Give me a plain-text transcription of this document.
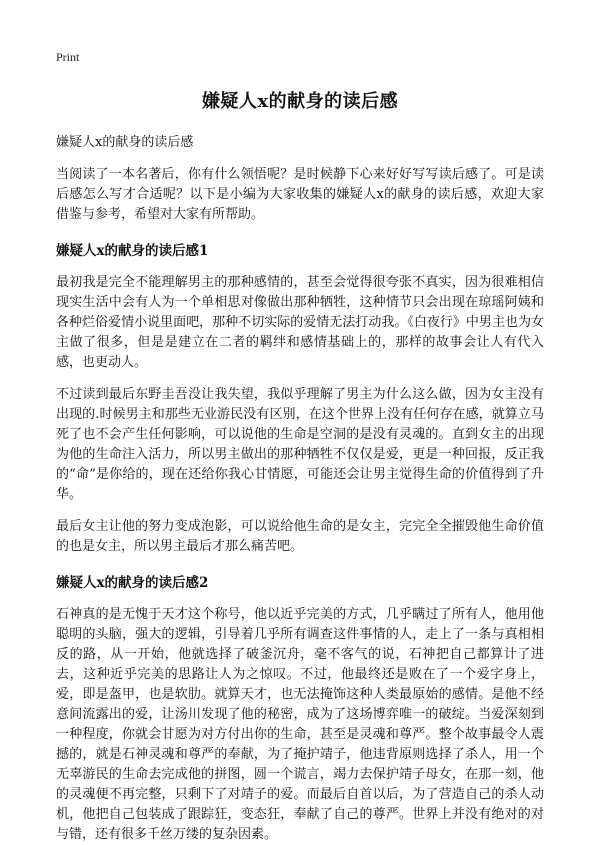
Print
嫌疑人x的献身的读后感
嫌疑人x的献身的读后感

当阅读了一本名著后，你有什么领悟呢？是时候静下心来好好写写读后感了。可是读后感怎么写才合适呢？以下是小编为大家收集的嫌疑人x的献身的读后感，欢迎大家借鉴与参考，希望对大家有所帮助。

嫌疑人x的献身的读后感1

最初我是完全不能理解男主的那种感情的，甚至会觉得很夸张不真实，因为很难相信现实生活中会有人为一个单相思对像做出那种牺牲，这种情节只会出现在琼瑶阿姨和各种烂俗爱情小说里面吧，那种不切实际的爱情无法打动我。《白夜行》中男主也为女主做了很多，但是是建立在二者的羁绊和感情基础上的，那样的故事会让人有代入感，也更动人。

不过读到最后东野圭吾没让我失望，我似乎理解了男主为什么这么做，因为女主没有出现的.时候男主和那些无业游民没有区别，在这个世界上没有任何存在感，就算立马死了也不会产生任何影响，可以说他的生命是空洞的是没有灵魂的。直到女主的出现为他的生命注入活力，所以男主做出的那种牺牲不仅仅是爱，更是一种回报，反正我的“命”是你给的，现在还给你我心甘情愿，可能还会让男主觉得生命的价值得到了升华。

最后女主让他的努力变成泡影，可以说给他生命的是女主，完完全全摧毁他生命价值的也是女主，所以男主最后才那么痛苦吧。

嫌疑人x的献身的读后感2

石神真的是无愧于天才这个称号，他以近乎完美的方式，几乎瞒过了所有人，他用他聪明的头脑，强大的逻辑，引导着几乎所有调查这件事情的人，走上了一条与真相相反的路，从一开始，他就选择了破釜沉舟，毫不客气的说，石神把自己都算计了进去，这种近乎完美的思路让人为之惊叹。不过，他最终还是败在了一个爱字身上，爱，即是盔甲，也是软肋。就算天才，也无法掩饰这种人类最原始的感情。是他不经意间流露出的爱，让汤川发现了他的秘密，成为了这场博弈唯一的破绽。当爱深刻到一种程度，你就会甘愿为对方付出你的生命，甚至是灵魂和尊严。整个故事最令人震撼的，就是石神灵魂和尊严的奉献，为了掩护靖子，他违背原则选择了杀人，用一个无辜游民的生命去完成他的拼图，圆一个谎言，竭力去保护靖子母女，在那一刻，他的灵魂便不再完整，只剩下了对靖子的爱。而最后自首以后，为了营造自己的杀人动机，他把自己包装成了跟踪狂，变态狂，奉献了自己的尊严。世界上并没有绝对的对与错，还有很多千丝万缕的复杂因素。
